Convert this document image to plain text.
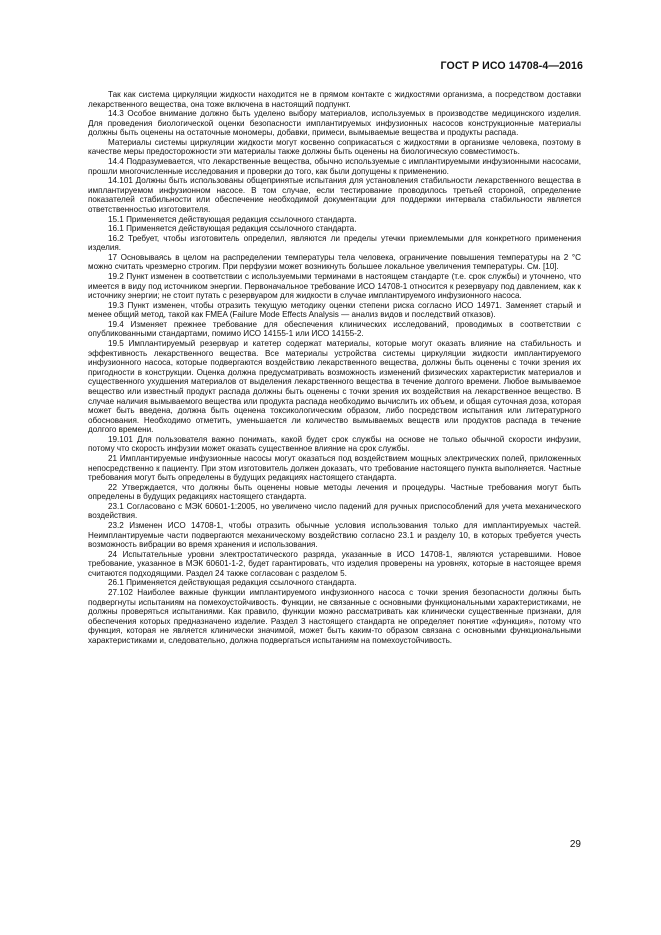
ГОСТ Р ИСО 14708-4—2016

Так как система циркуляции жидкости находится не в прямом контакте с жидкостями организма, а посредством доставки лекарственного вещества, она тоже включена в настоящий подпункт.

14.3 Особое внимание должно быть уделено выбору материалов, используемых в производстве медицинского изделия. Для проведения биологической оценки безопасности имплантируемых инфузионных насосов конструкционные материалы должны быть оценены на остаточные мономеры, добавки, примеси, вымываемые вещества и продукты распада.

Материалы системы циркуляции жидкости могут косвенно соприкасаться с жидкостями в организме человека, поэтому в качестве меры предосторожности эти материалы также должны быть оценены на биологическую совместимость.

14.4 Подразумевается, что лекарственные вещества, обычно используемые с имплантируемыми инфузионными насосами, прошли многочисленные исследования и проверки до того, как были допущены к применению.

14.101 Должны быть использованы общепринятые испытания для установления стабильности лекарственного вещества в имплантируемом инфузионном насосе. В том случае, если тестирование проводилось третьей стороной, определение показателей стабильности или обеспечение необходимой документации для поддержки интервала стабильности является ответственностью изготовителя.

15.1 Применяется действующая редакция ссылочного стандарта.

16.1 Применяется действующая редакция ссылочного стандарта.

16.2 Требует, чтобы изготовитель определил, являются ли пределы утечки приемлемыми для конкретного применения изделия.

17 Основываясь в целом на распределении температуры тела человека, ограничение повышения температуры на 2 °С можно считать чрезмерно строгим. При перфузии может возникнуть большее локальное увеличения температуры. См. [10].

19.2 Пункт изменен в соответствии с используемыми терминами в настоящем стандарте (т.е. срок службы) и уточнено, что имеется в виду под источником энергии. Первоначальное требование ИСО 14708-1 относится к резервуару под давлением, как к источнику энергии; не стоит путать с резервуаром для жидкости в случае имплантируемого инфузионного насоса.

19.3 Пункт изменен, чтобы отразить текущую методику оценки степени риска согласно ИСО 14971. Заменяет старый и менее общий метод, такой как FMEA (Failure Mode Effects Analysis — анализ видов и последствий отказов).

19.4 Изменяет прежнее требование для обеспечения клинических исследований, проводимых в соответствии с опубликованными стандартами, помимо ИСО 14155-1 или ИСО 14155-2.

19.5 Имплантируемый резервуар и катетер содержат материалы, которые могут оказать влияние на стабильность и эффективность лекарственного вещества. Все материалы устройства системы циркуляции жидкости имплантируемого инфузионного насоса, которые подвергаются воздействию лекарственного вещества, должны быть оценены с точки зрения их пригодности в конструкции. Оценка должна предусматривать возможность изменений физических характеристик материалов и существенного ухудшения материалов от выделения лекарственного вещества в течение долгого времени. Любое вымываемое вещество или известный продукт распада должны быть оценены с точки зрения их воздействия на лекарственное вещество. В случае наличия вымываемого вещества или продукта распада необходимо вычислить их объем, и общая суточная доза, которая может быть введена, должна быть оценена токсикологическим образом, либо посредством испытания или литературного обоснования. Необходимо отметить, уменьшается ли количество вымываемых веществ или продуктов распада в течение долгого времени.

19.101 Для пользователя важно понимать, какой будет срок службы на основе не только обычной скорости инфузии, потому что скорость инфузии может оказать существенное влияние на срок службы.

21 Имплантируемые инфузионные насосы могут оказаться под воздействием мощных электрических полей, приложенных непосредственно к пациенту. При этом изготовитель должен доказать, что требование настоящего пункта выполняется. Частные требования могут быть определены в будущих редакциях настоящего стандарта.

22 Утверждается, что должны быть оценены новые методы лечения и процедуры. Частные требования могут быть определены в будущих редакциях настоящего стандарта.

23.1 Согласовано с МЭК 60601-1:2005, но увеличено число падений для ручных приспособлений для учета механического воздействия.

23.2 Изменен ИСО 14708-1, чтобы отразить обычные условия использования только для имплантируемых частей. Неимплантируемые части подвергаются механическому воздействию согласно 23.1 и разделу 10, в которых требуется учесть возможность вибрации во время хранения и использования.

24 Испытательные уровни электростатического разряда, указанные в ИСО 14708-1, являются устаревшими. Новое требование, указанное в МЭК 60601-1-2, будет гарантировать, что изделия проверены на уровнях, которые в настоящее время считаются подходящими. Раздел 24 также согласован с разделом 5.

26.1 Применяется действующая редакция ссылочного стандарта.

27.102 Наиболее важные функции имплантируемого инфузионного насоса с точки зрения безопасности должны быть подвергнуты испытаниям на помехоустойчивость. Функции, не связанные с основными функциональными характеристиками, не должны проверяться испытаниями. Как правило, функции можно рассматривать как клинически существенные признаки, для обеспечения которых предназначено изделие. Раздел 3 настоящего стандарта не определяет понятие «функция», потому что функция, которая не является клинически значимой, может быть каким-то образом связана с основными функциональными характеристиками и, следовательно, должна подвергаться испытаниям на помехоустойчивость.

29
